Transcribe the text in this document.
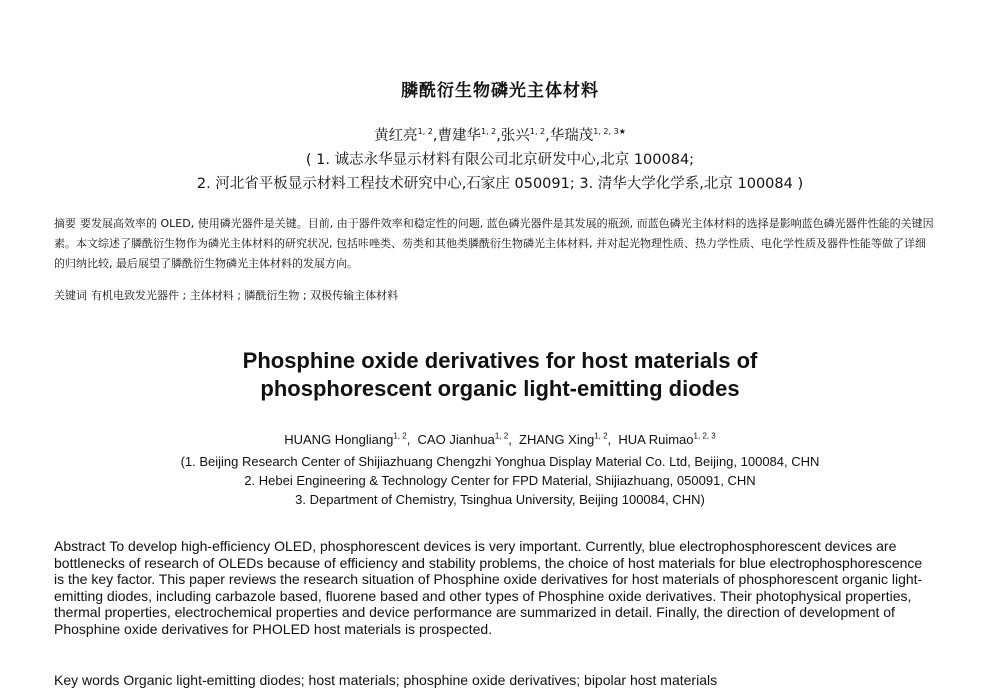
膦酰衍生物磷光主体材料
黄红亮$^{1, 2}$,曹建华$^{1, 2}$,张兴$^{1, 2}$,华瑞茂$^{1, 2, 3★}$
( 1. 诚志永华显示材料有限公司北京研发中心,北京 100084;
2. 河北省平板显示材料工程技术研究中心,石家庄 050091; 3. 清华大学化学系,北京 100084 )

摘要 要发展高效率的 OLED, 使用磷光器件是关键。目前, 由于器件效率和稳定性的问题, 蓝色磷光器件是其发展的瓶颈, 而蓝色磷光主体材料的选择是影响蓝色磷光器件性能的关键因素。本文综述了膦酰衍生物作为磷光主体材料的研究状况, 包括咔唑类、芴类和其他类膦酰衍生物磷光主体材料, 并对起光物理性质、热力学性质、电化学性质及器件性能等做了详细的归纳比较, 最后展望了膦酰衍生物磷光主体材料的发展方向。

关键词 有机电致发光器件 ; 主体材料 ; 膦酰衍生物 ; 双极传输主体材料

Phosphine oxide derivatives for host materials of
phosphorescent organic light-emitting diodes
HUANG Hongliang$^{1, 2}$,  CAO Jianhua$^{1, 2}$,  ZHANG Xing$^{1, 2}$,  HUA Ruimao$^{1, 2, 3}$
(1. Beijing Research Center of Shijiazhuang Chengzhi Yonghua Display Material Co. Ltd, Beijing, 100084, CHN
2. Hebei Engineering & Technology Center for FPD Material, Shijiazhuang, 050091, CHN
3. Department of Chemistry, Tsinghua University, Beijing 100084, CHN)

Abstract To develop high-efficiency OLED, phosphorescent devices is very important. Currently, blue electrophosphorescent devices are bottlenecks of research of OLEDs because of efficiency and stability problems, the choice of host materials for blue electrophosphorescence is the key factor. This paper reviews the research situation of Phosphine oxide derivatives for host materials of phosphorescent organic light-emitting diodes, including carbazole based, fluorene based and other types of Phosphine oxide derivatives. Their photophysical properties, thermal properties, electrochemical properties and device performance are summarized in detail. Finally, the direction of development of Phosphine oxide derivatives for PHOLED host materials is prospected.

Key words Organic light-emitting diodes; host materials; phosphine oxide derivatives; bipolar host materials
